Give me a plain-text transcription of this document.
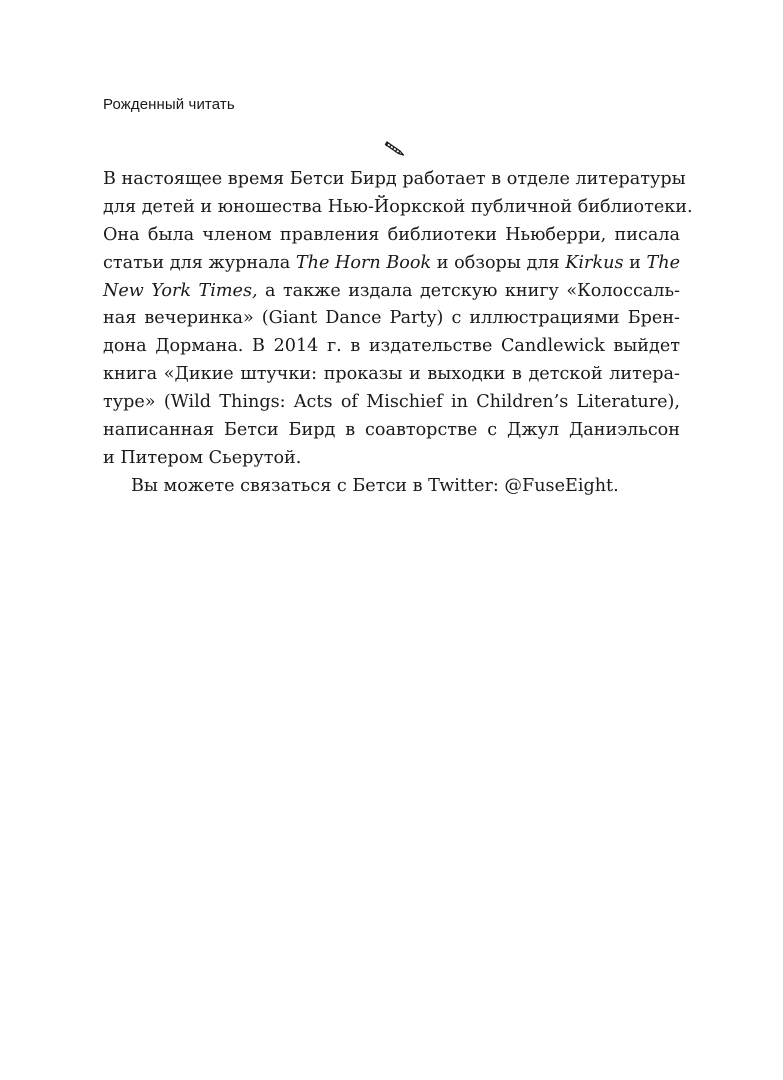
Рожденный читать
В настоящее время Бетси Бирд работает в отделе литературы
для детей и юношества Нью-Йоркской публичной библиотеки.
Она была членом правления библиотеки Ньюберри, писала
статьи для журнала The Horn Book и обзоры для Kirkus и The
New York Times, а также издала детскую книгу «Колоссаль-
ная вечеринка» (Giant Dance Party) с иллюстрациями Брен-
дона Дормана. В 2014 г. в издательстве Candlewick выйдет
книга «Дикие штучки: проказы и выходки в детской литера-
туре» (Wild Things: Acts of Mischief in Children’s Literature),
написанная Бетси Бирд в соавторстве с Джул Даниэльсон
и Питером Сьерутой.
Вы можете связаться с Бетси в Twitter: @FuseEight.
